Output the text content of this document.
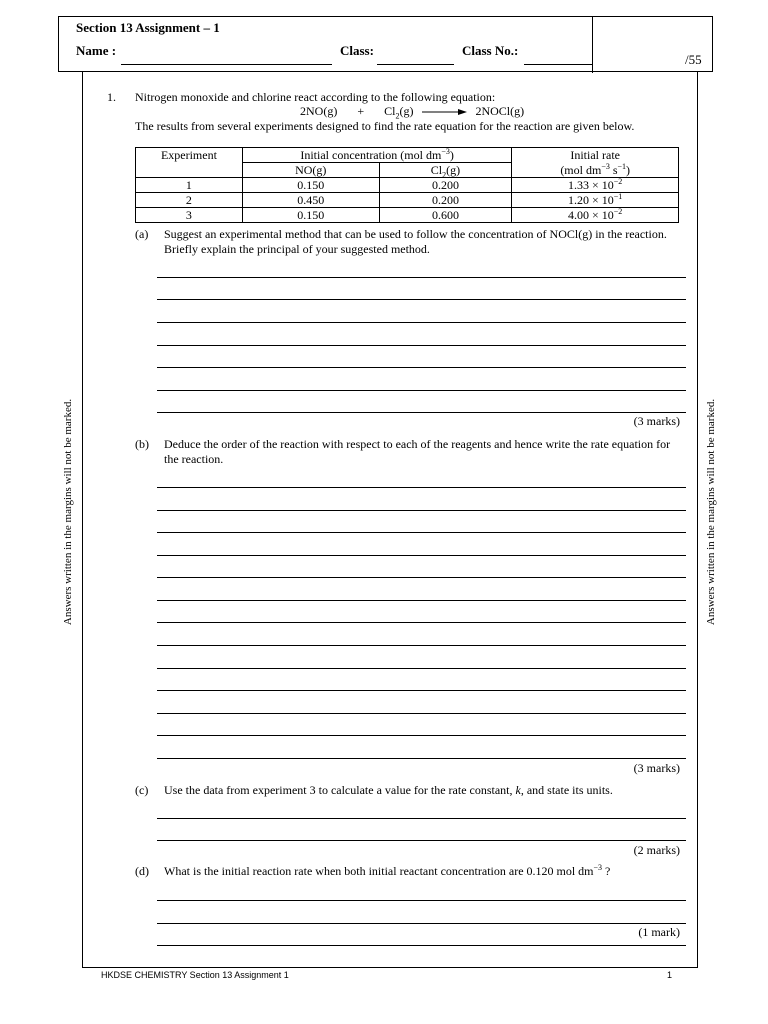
Section 13 Assignment – 1
Name :	Class:	Class No.:
/55
Answers written in the margins will not be marked.	Answers written in the margins will not be marked.
1. Nitrogen monoxide and chlorine react according to the following equation:
$2NO(g) + Cl_2(g)$ → 2NOCl(g)
The results from several experiments designed to find the rate equation for the reaction are given below.
Experiment	Initial concentration (mol $dm^{-3}$)		Initial rate
	NO(g)	$Cl_2(g)$	(mol $dm^{-3}$ $s^{-1}$)
1	0.150	0.200	$1.33 \times 10^{-2}$
2	0.450	0.200	$1.20 \times 10^{-1}$
3	0.150	0.600	$4.00 \times 10^{-2}$
(a) Suggest an experimental method that can be used to follow the concentration of NOCl(g) in the reaction. Briefly explain the principal of your suggested method.
(3 marks)
(b) Deduce the order of the reaction with respect to each of the reagents and hence write the rate equation for the reaction.
(3 marks)
(c) Use the data from experiment 3 to calculate a value for the rate constant, k, and state its units.
(2 marks)
(d) What is the initial reaction rate when both initial reactant concentration are 0.120 mol $dm^{-3}$ ?
(1 mark)
HKDSE CHEMISTRY Section 13 Assignment 1	1
